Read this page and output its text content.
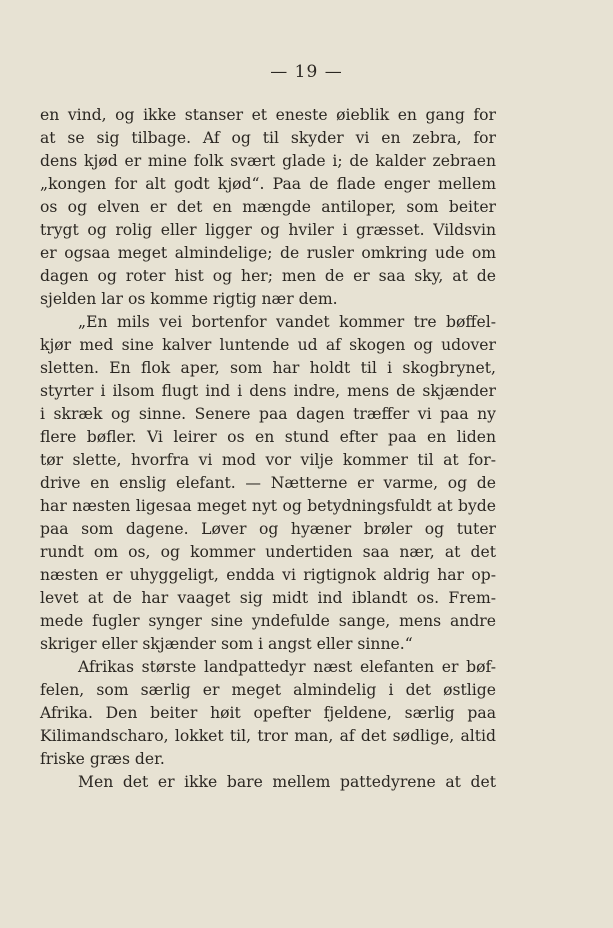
— 19 —
en vind, og ikke stanser et eneste øieblik en gang for
at se sig tilbage. Af og til skyder vi en zebra, for
dens kjød er mine folk svært glade i; de kalder zebraen
„kongen for alt godt kjød“. Paa de flade enger mellem
os og elven er det en mængde antiloper, som beiter
trygt og rolig eller ligger og hviler i græsset. Vildsvin
er ogsaa meget almindelige; de rusler omkring ude om
dagen og roter hist og her; men de er saa sky, at de
sjelden lar os komme rigtig nær dem.
„En mils vei bortenfor vandet kommer tre bøffel-
kjør med sine kalver luntende ud af skogen og udover
sletten. En flok aper, som har holdt til i skogbrynet,
styrter i ilsom flugt ind i dens indre, mens de skjænder
i skræk og sinne. Senere paa dagen træffer vi paa ny
flere bøfler. Vi leirer os en stund efter paa en liden
tør slette, hvorfra vi mod vor vilje kommer til at for-
drive en enslig elefant. — Nætterne er varme, og de
har næsten ligesaa meget nyt og betydningsfuldt at byde
paa som dagene. Løver og hyæner brøler og tuter
rundt om os, og kommer undertiden saa nær, at det
næsten er uhyggeligt, endda vi rigtignok aldrig har op-
levet at de har vaaget sig midt ind iblandt os. Frem-
mede fugler synger sine yndefulde sange, mens andre
skriger eller skjænder som i angst eller sinne.“
Afrikas største landpattedyr næst elefanten er bøf-
felen, som særlig er meget almindelig i det østlige
Afrika. Den beiter høit opefter fjeldene, særlig paa
Kilimandscharo, lokket til, tror man, af det sødlige, altid
friske græs der.
Men det er ikke bare mellem pattedyrene at det
